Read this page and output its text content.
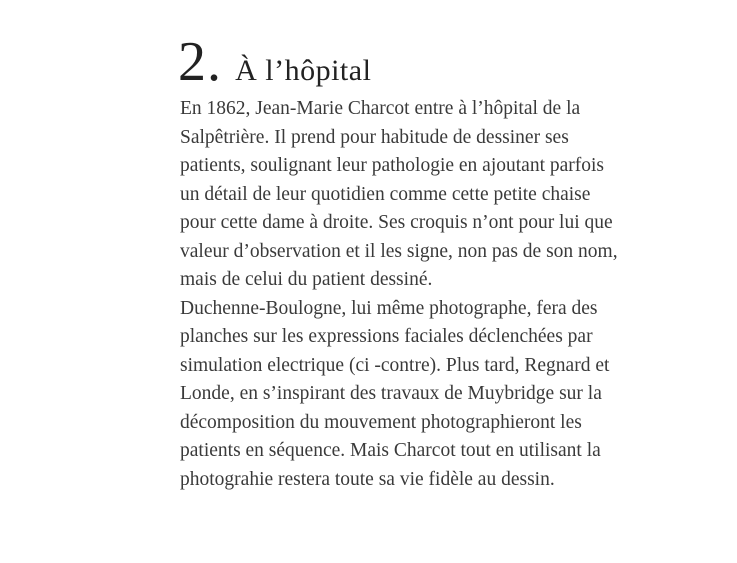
2. À l’hôpital
En 1862, Jean-Marie Charcot entre à l’hôpital de la
Salpêtrière. Il prend pour habitude de dessiner ses
patients, soulignant leur pathologie en ajoutant parfois
un détail de leur quotidien comme cette petite chaise
pour cette dame à droite. Ses croquis n’ont pour lui que
valeur d’observation et il les signe, non pas de son nom,
mais de celui du patient dessiné.
Duchenne-Boulogne, lui même photographe, fera des
planches sur les expressions faciales déclenchées par
simulation electrique (ci -contre). Plus tard, Regnard et
Londe, en s’inspirant des travaux de Muybridge sur la
décomposition du mouvement photographieront les
patients en séquence. Mais Charcot tout en utilisant la
photograhie restera toute sa vie fidèle au dessin.
